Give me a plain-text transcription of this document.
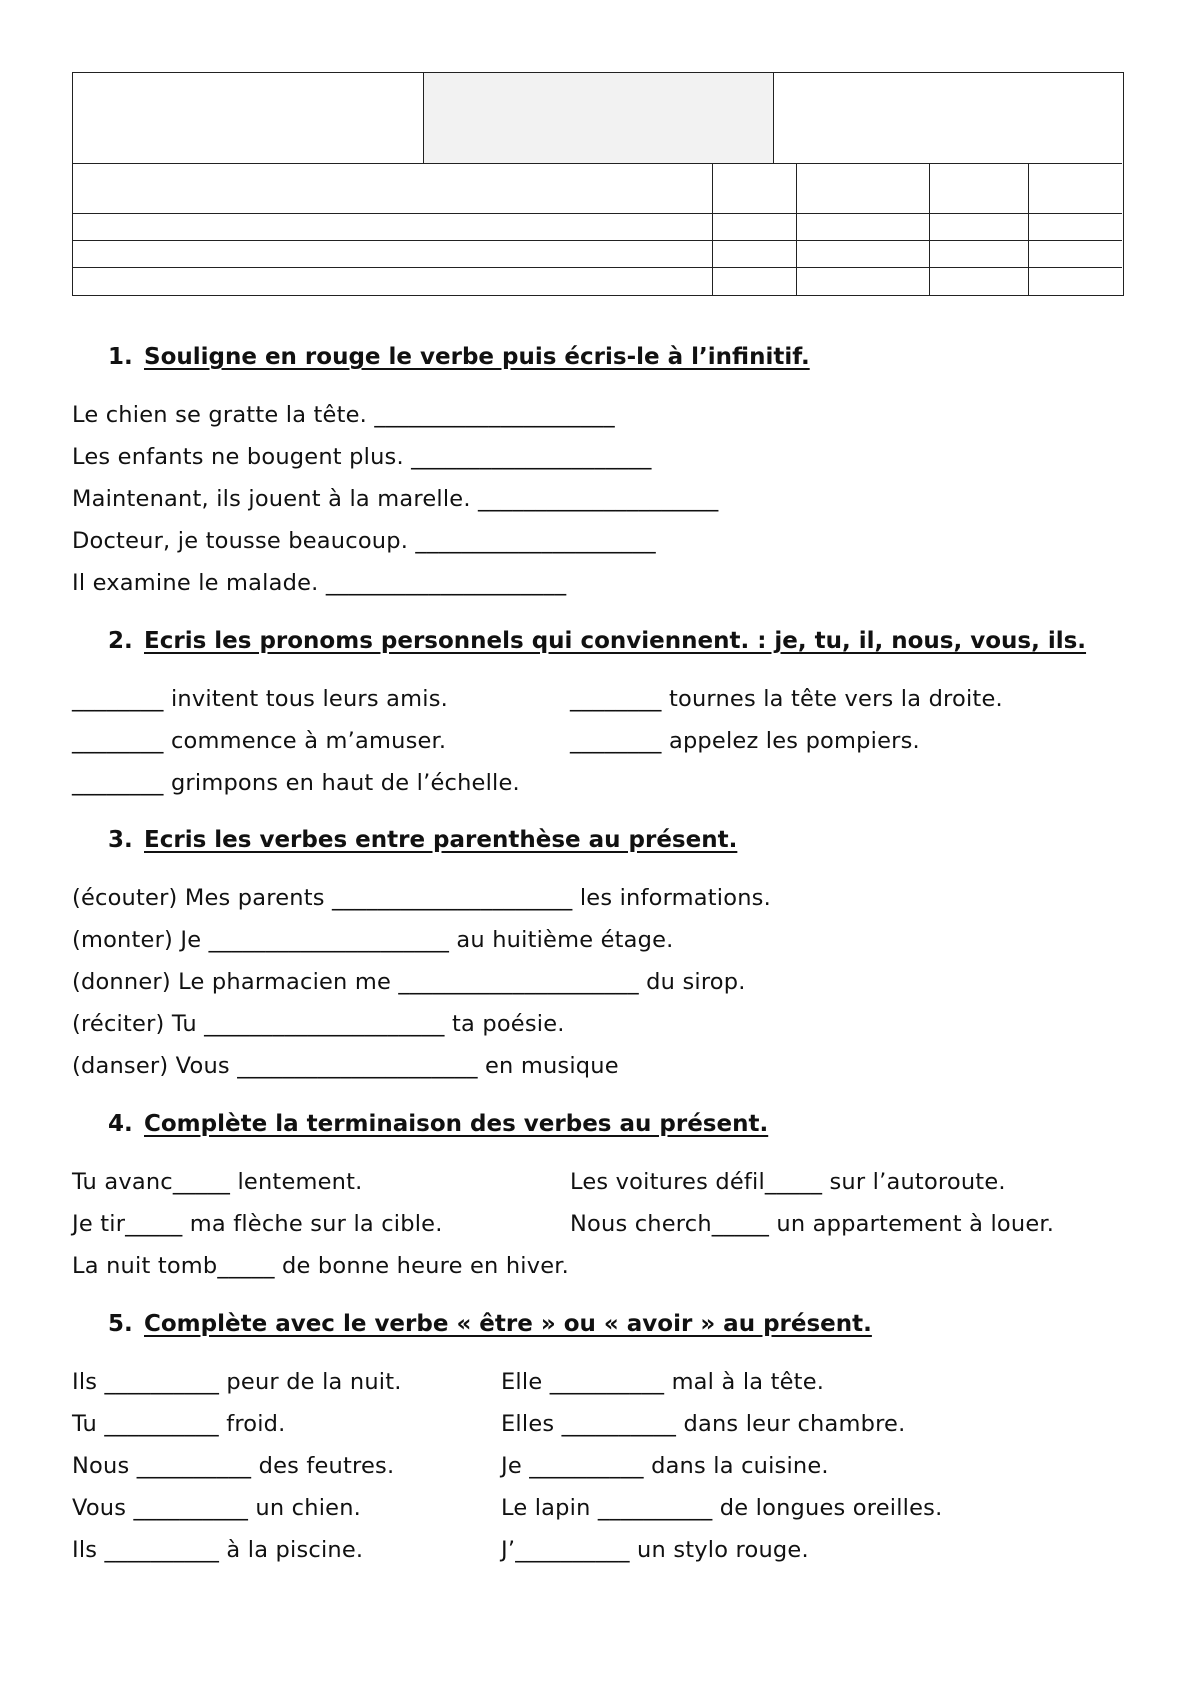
1. Souligne en rouge le verbe puis écris-le à l’infinitif.
Le chien se gratte la tête. _____________________
Les enfants ne bougent plus. _____________________
Maintenant, ils jouent à la marelle. _____________________
Docteur, je tousse beaucoup. _____________________
Il examine le malade. _____________________
2. Ecris les pronoms personnels qui conviennent. : je, tu, il, nous, vous, ils.
________ invitent tous leurs amis.
________ commence à m’amuser.
________ grimpons en haut de l’échelle.
________ tournes la tête vers la droite.
________ appelez les pompiers.
3. Ecris les verbes entre parenthèse au présent.
(écouter) Mes parents _____________________ les informations.
(monter) Je _____________________ au huitième étage.
(donner) Le pharmacien me _____________________ du sirop.
(réciter) Tu _____________________ ta poésie.
(danser) Vous _____________________ en musique
4. Complète la terminaison des verbes au présent.
Tu avanc_____ lentement.
Je tir_____ ma flèche sur la cible.
La nuit tomb_____ de bonne heure en hiver.
Les voitures défil_____ sur l’autoroute.
Nous cherch_____ un appartement à louer.
5. Complète avec le verbe « être » ou « avoir » au présent.
Ils __________ peur de la nuit.
Tu __________ froid.
Nous __________ des feutres.
Vous __________ un chien.
Ils __________ à la piscine.
Elle __________ mal à la tête.
Elles __________ dans leur chambre.
Je __________ dans la cuisine.
Le lapin __________ de longues oreilles.
J’__________ un stylo rouge.
